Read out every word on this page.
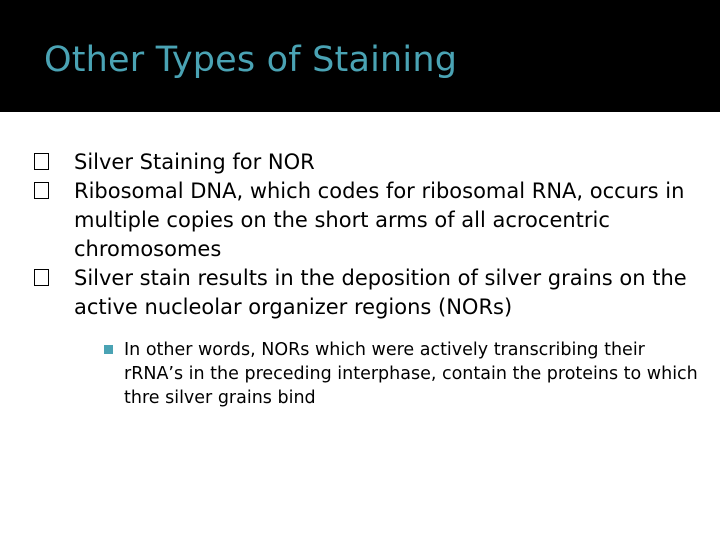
Other Types of Staining
Silver Staining for NOR
Ribosomal DNA, which codes for ribosomal RNA, occurs in multiple copies on the short arms of all acrocentric chromosomes
Silver stain results in the deposition of silver grains on the active nucleolar organizer regions (NORs)
In other words, NORs which were actively transcribing their rRNA’s in the preceding interphase, contain the proteins to which thre silver grains bind
